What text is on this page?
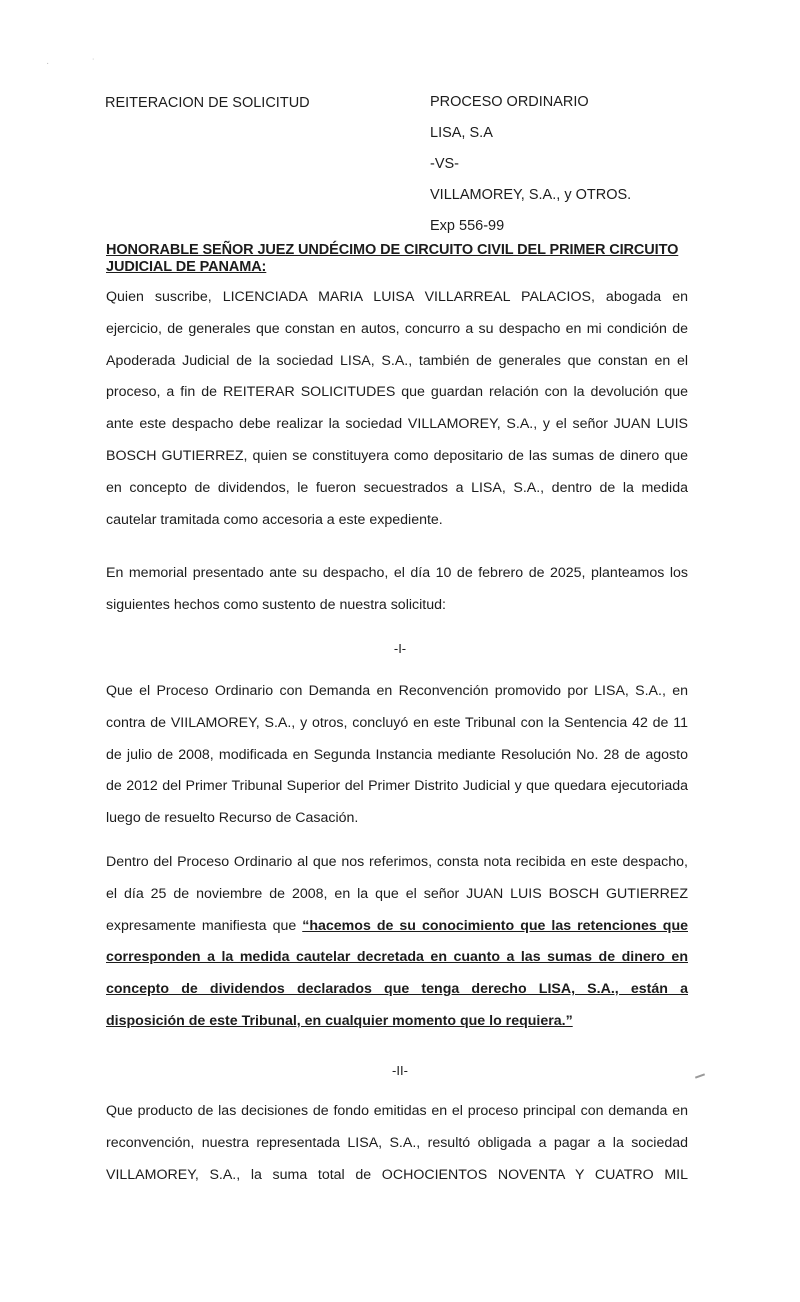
·	˙
REITERACION DE SOLICITUD	PROCESO ORDINARIO
LISA, S.A
-VS-
VILLAMOREY, S.A., y OTROS.
Exp 556-99
HONORABLE SEÑOR JUEZ UNDÉCIMO DE CIRCUITO CIVIL DEL PRIMER CIRCUITO
JUDICIAL DE PANAMA:
Quien suscribe, LICENCIADA MARIA LUISA VILLARREAL PALACIOS, abogada en
ejercicio, de generales que constan en autos, concurro a su despacho en mi condición de
Apoderada Judicial de la sociedad LISA, S.A., también de generales que constan en el
proceso, a fin de REITERAR SOLICITUDES que guardan relación con la devolución que
ante este despacho debe realizar la sociedad VILLAMOREY, S.A., y el señor JUAN LUIS
BOSCH GUTIERREZ, quien se constituyera como depositario de las sumas de dinero que
en concepto de dividendos, le fueron secuestrados a LISA, S.A., dentro de la medida
cautelar tramitada como accesoria a este expediente.
En memorial presentado ante su despacho, el día 10 de febrero de 2025, planteamos los
siguientes hechos como sustento de nuestra solicitud:
-I-
Que el Proceso Ordinario con Demanda en Reconvención promovido por LISA, S.A., en
contra de VIILAMOREY, S.A., y otros, concluyó en este Tribunal con la Sentencia 42 de 11
de julio de 2008, modificada en Segunda Instancia mediante Resolución No. 28 de agosto
de 2012 del Primer Tribunal Superior del Primer Distrito Judicial y que quedara ejecutoriada
luego de resuelto Recurso de Casación.
Dentro del Proceso Ordinario al que nos referimos, consta nota recibida en este despacho,
el día 25 de noviembre de 2008, en la que el señor JUAN LUIS BOSCH GUTIERREZ
expresamente manifiesta que “hacemos de su conocimiento que las retenciones que
corresponden a la medida cautelar decretada en cuanto a las sumas de dinero en
concepto de dividendos declarados que tenga derecho LISA, S.A., están a
disposición de este Tribunal, en cualquier momento que lo requiera.”
-II-
Que producto de las decisiones de fondo emitidas en el proceso principal con demanda en
reconvención, nuestra representada LISA, S.A., resultó obligada a pagar a la sociedad
VILLAMOREY, S.A., la suma total de OCHOCIENTOS NOVENTA Y CUATRO MIL
